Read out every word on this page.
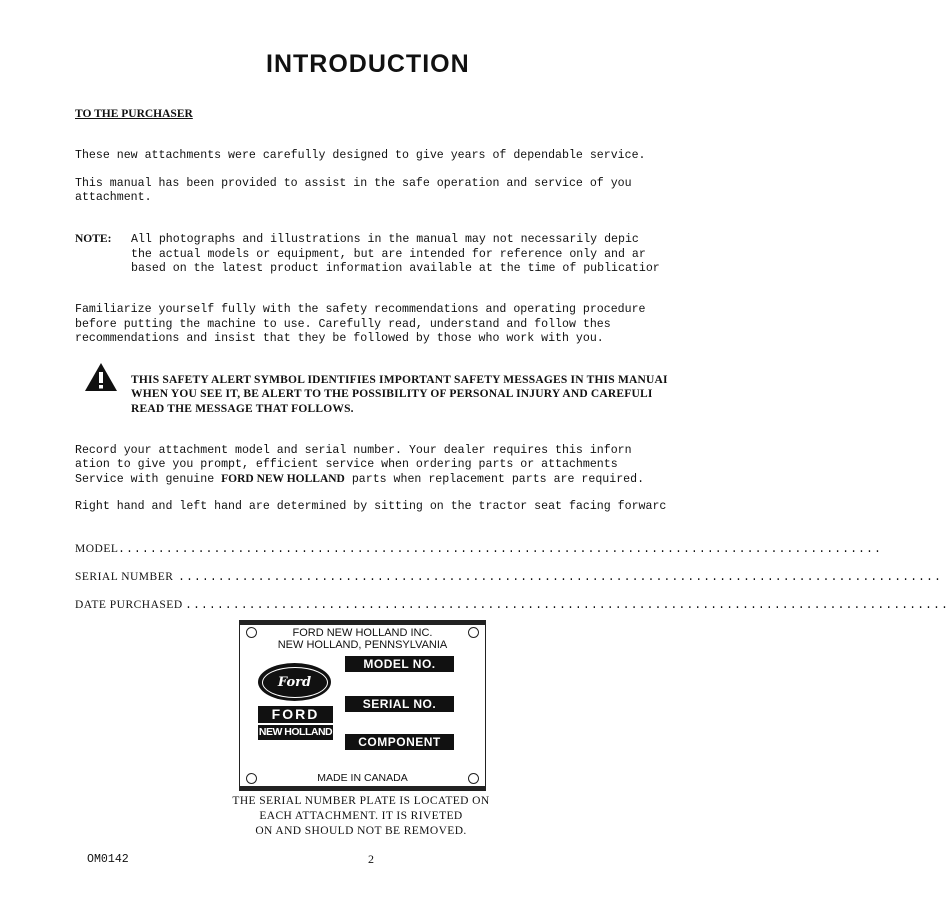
INTRODUCTION
TO THE PURCHASER
These new attachments were carefully designed to give years of dependable service.
This manual has been provided to assist in the safe operation and service of you
attachment.
NOTE: All photographs and illustrations in the manual may not necessarily depic
the actual models or equipment, but are intended for reference only and ar
based on the latest product information available at the time of publicatior
Familiarize yourself fully with the safety recommendations and operating procedure
before putting the machine to use. Carefully read, understand and follow thes
recommendations and insist that they be followed by those who work with you.
THIS SAFETY ALERT SYMBOL IDENTIFIES IMPORTANT SAFETY MESSAGES IN THIS MANUAI
WHEN YOU SEE IT, BE ALERT TO THE POSSIBILITY OF PERSONAL INJURY AND CAREFULI
READ THE MESSAGE THAT FOLLOWS.
Record your attachment model and serial number. Your dealer requires this inforn
ation to give you prompt, efficient service when ordering parts or attachments
Service with genuine FORD NEW HOLLAND parts when replacement parts are required.
Right hand and left hand are determined by sitting on the tractor seat facing forwarc
MODEL ................................................................................................
SERIAL NUMBER ................................................................................................
DATE PURCHASED ................................................................................................
FORD NEW HOLLAND INC.
NEW HOLLAND, PENNSYLVANIA
Ford
FORD
NEW HOLLAND
MODEL NO.
SERIAL NO.
COMPONENT
MADE IN CANADA
THE SERIAL NUMBER PLATE IS LOCATED ON
EACH ATTACHMENT. IT IS RIVETED
ON AND SHOULD NOT BE REMOVED.
OM0142	2
